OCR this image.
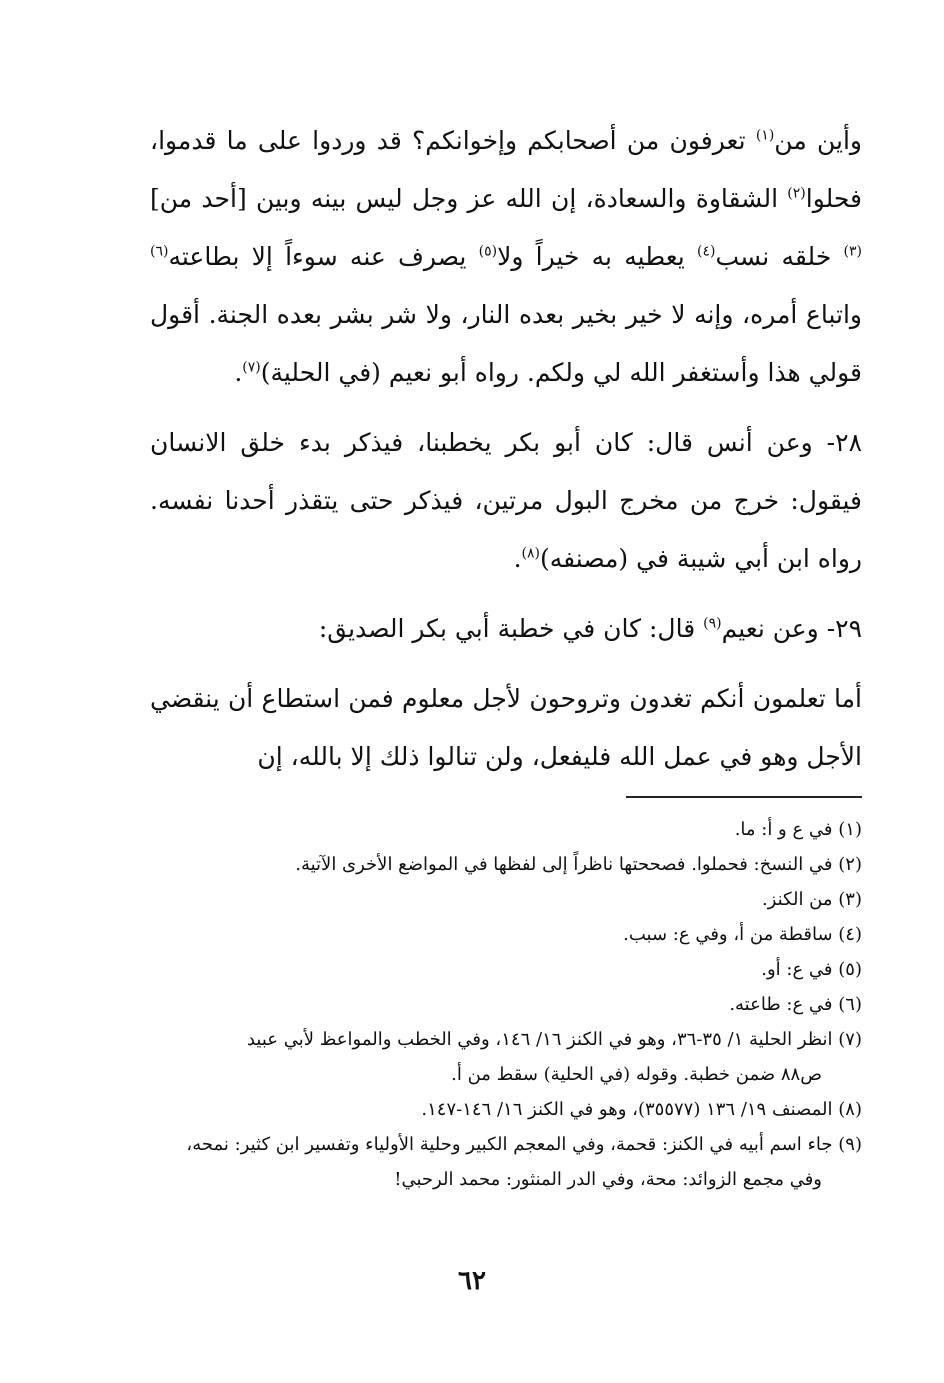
وأين من$^{(١)}$ تعرفون من أصحابكم وإخوانكم؟ قد وردوا على ما قدموا، فحلوا$^{(٢)}$ الشقاوة والسعادة، إن الله عز وجل ليس بينه وبين [أحد من]$^{(٣)}$ خلقه نسب$^{(٤)}$ يعطيه به خيراً ولا$^{(٥)}$ يصرف عنه سوءاً إلا بطاعته$^{(٦)}$ واتباع أمره، وإنه لا خير بخير بعده النار، ولا شر بشر بعده الجنة. أقول قولي هذا وأستغفر الله لي ولكم. رواه أبو نعيم (في الحلية)$^{(٧)}$.

٢٨- وعن أنس قال: كان أبو بكر يخطبنا، فيذكر بدء خلق الانسان فيقول: خرج من مخرج البول مرتين، فيذكر حتى يتقذر أحدنا نفسه. رواه ابن أبي شيبة في (مصنفه)$^{(٨)}$.

٢٩- وعن نعيم$^{(٩)}$ قال: كان في خطبة أبي بكر الصديق:

أما تعلمون أنكم تغدون وتروحون لأجل معلوم فمن استطاع أن ينقضي الأجل وهو في عمل الله فليفعل، ولن تنالوا ذلك إلا بالله، إن

(١) في ع و أ: ما.

(٢) في النسخ: فحملوا. فصححتها ناظراً إلى لفظها في المواضع الأخرى الآتية.

(٣) من الكنز.

(٤) ساقطة من أ، وفي ع: سبب.

(٥) في ع: أو.

(٦) في ع: طاعته.

(٧) انظر الحلية ١/ ٣٥-٣٦، وهو في الكنز ١٦/ ١٤٦، وفي الخطب والمواعظ لأبي عبيد
ص٨٨ ضمن خطبة. وقوله (في الحلية) سقط من أ.

(٨) المصنف ١٩/ ١٣٦ (٣٥٥٧٧)، وهو في الكنز ١٦/ ١٤٦-١٤٧.

(٩) جاء اسم أبيه في الكنز: قحمة، وفي المعجم الكبير وحلية الأولياء وتفسير ابن كثير: نمحه،
وفي مجمع الزوائد: محة، وفي الدر المنثور: محمد الرحبي!

٦٢
